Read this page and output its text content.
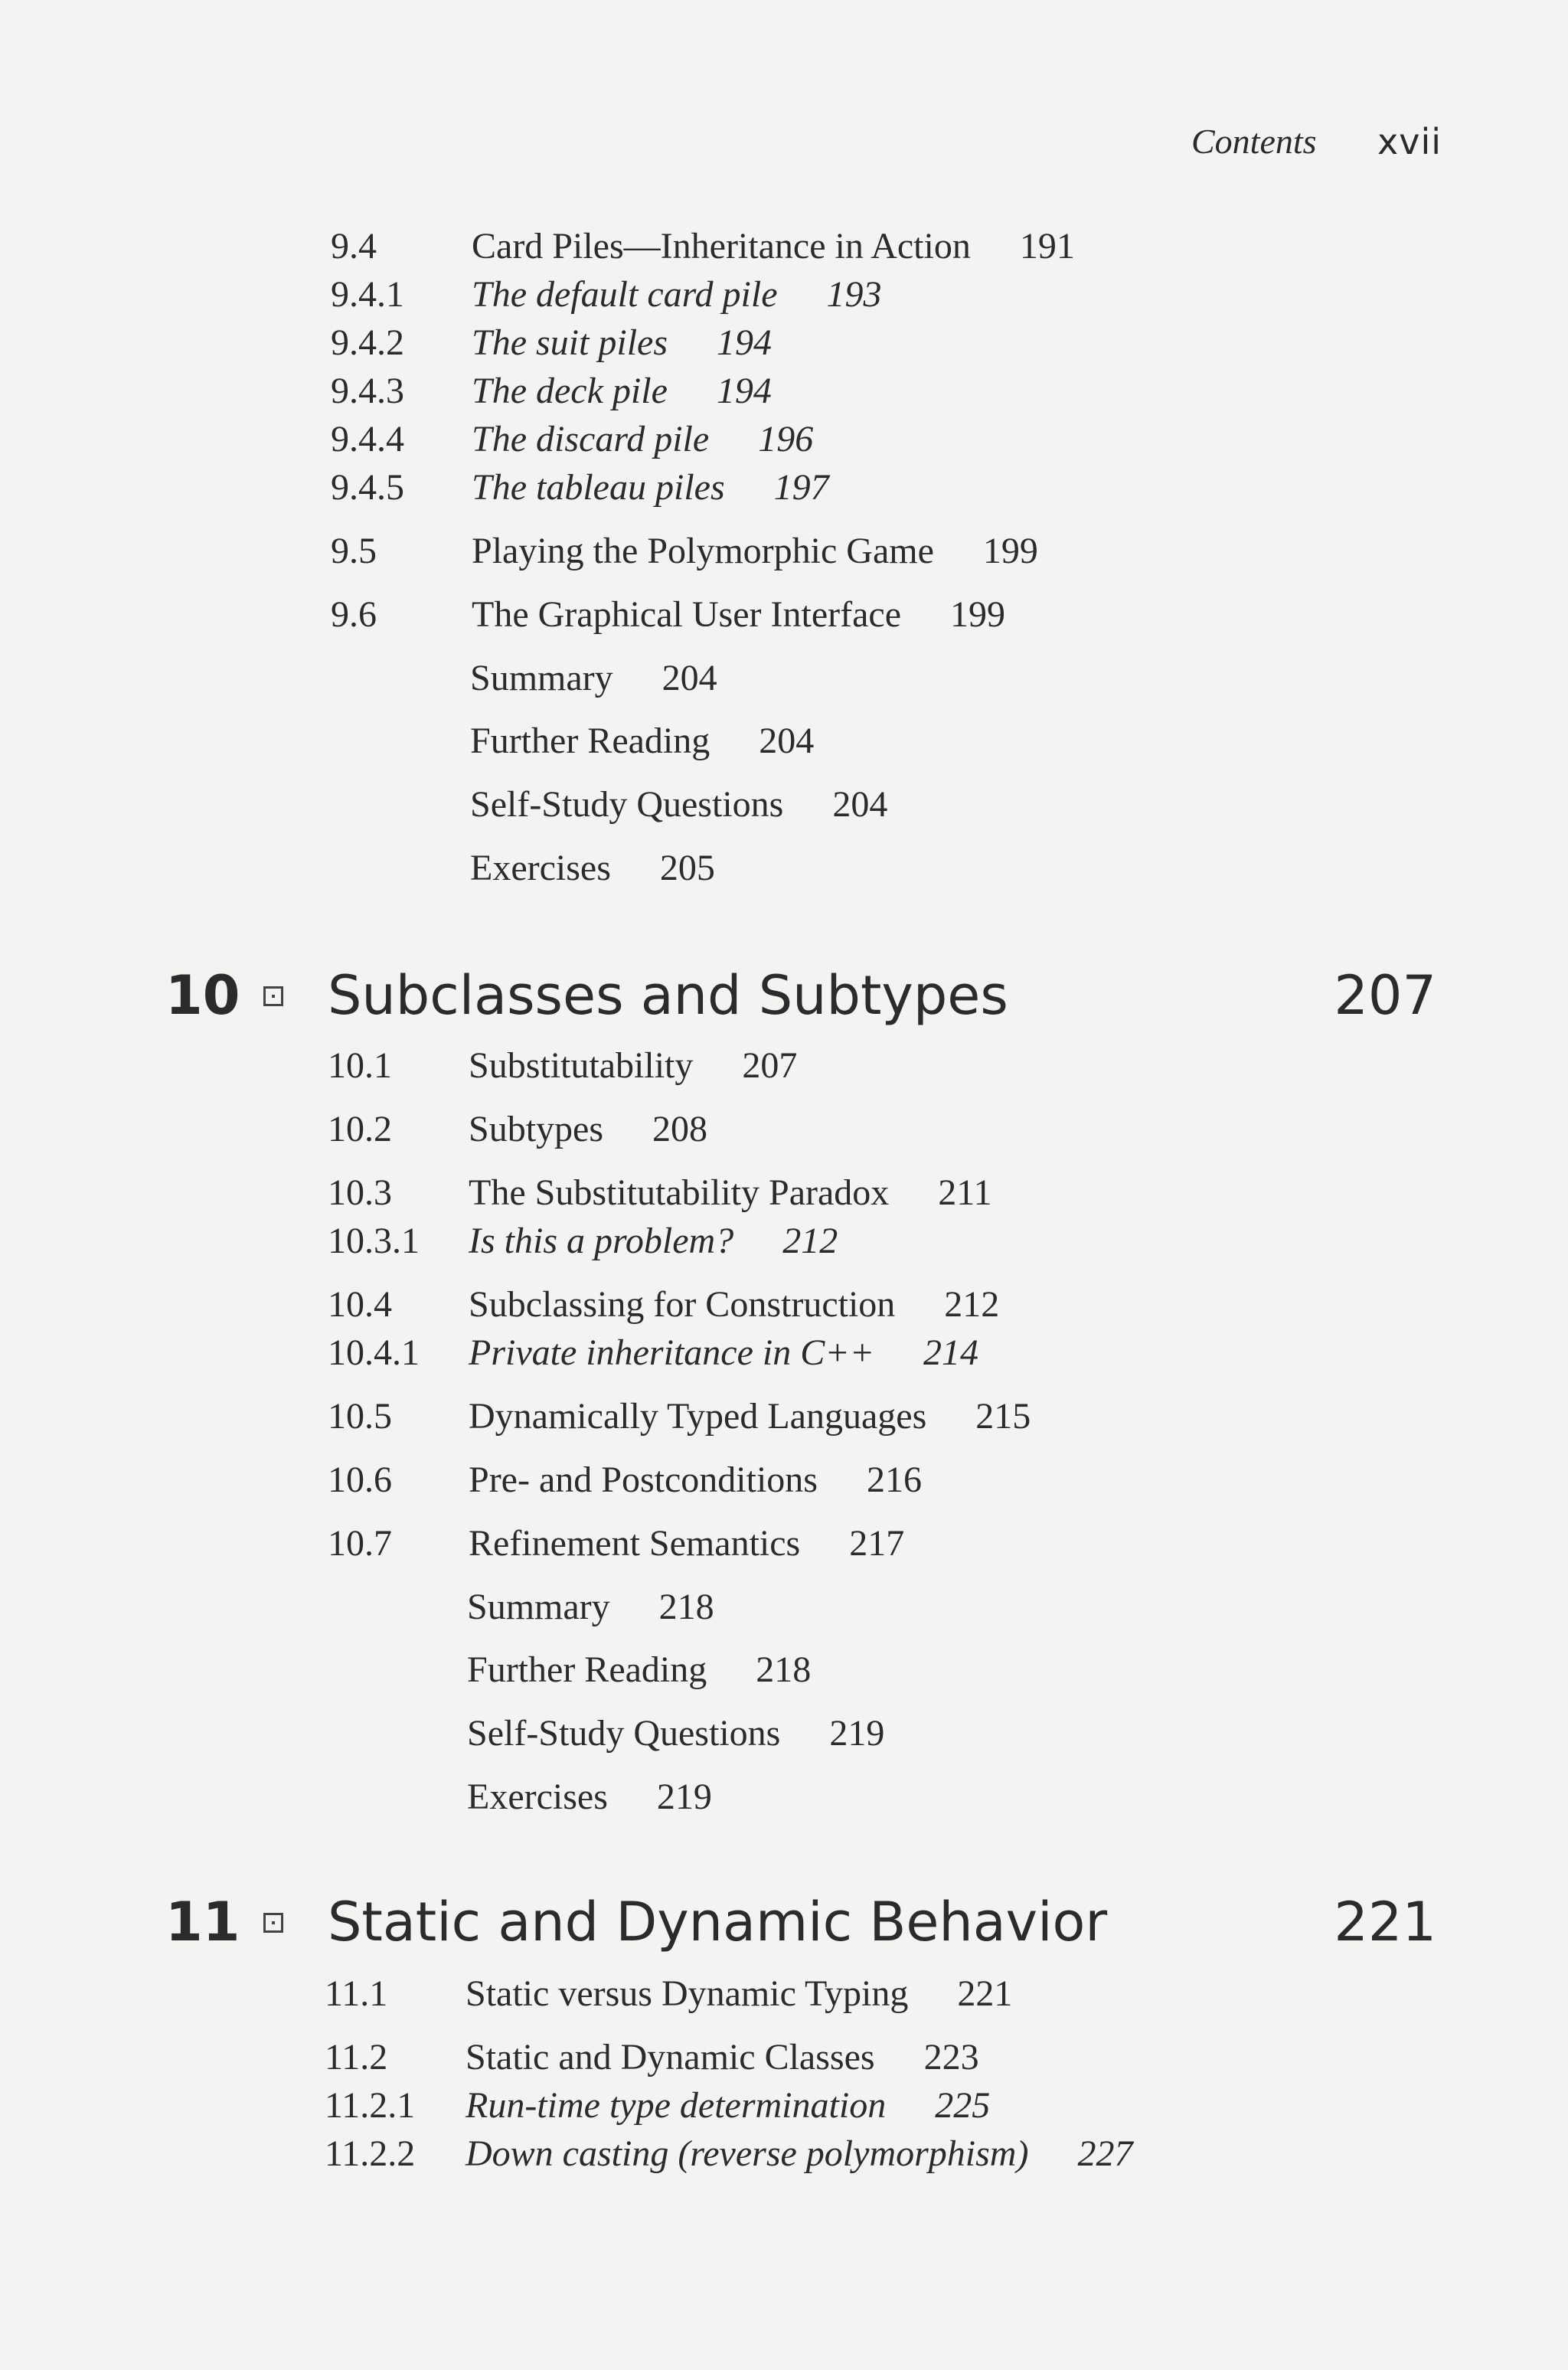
Contents xvii
9.4	Card Piles—Inheritance in Action 191
9.4.1 The default card pile 193
9.4.2 The suit piles 194
9.4.3 The deck pile 194
9.4.4 The discard pile 196
9.4.5 The tableau piles 197
9.5	Playing the Polymorphic Game 199
9.6	The Graphical User Interface 199
Summary 204
Further Reading 204
Self-Study Questions 204
Exercises 205
10 Subclasses and Subtypes	207
10.1 Substitutability 207
10.2 Subtypes 208
10.3 The Substitutability Paradox 211
10.3.1 Is this a problem? 212
10.4 Subclassing for Construction 212
10.4.1 Private inheritance in C++ 214
10.5 Dynamically Typed Languages 215
10.6 Pre- and Postconditions 216
10.7 Refinement Semantics 217
Summary 218
Further Reading 218
Self-Study Questions 219
Exercises 219
11 Static and Dynamic Behavior	221
11.1 Static versus Dynamic Typing 221
11.2 Static and Dynamic Classes 223
11.2.1 Run-time type determination 225
11.2.2 Down casting (reverse polymorphism) 227
